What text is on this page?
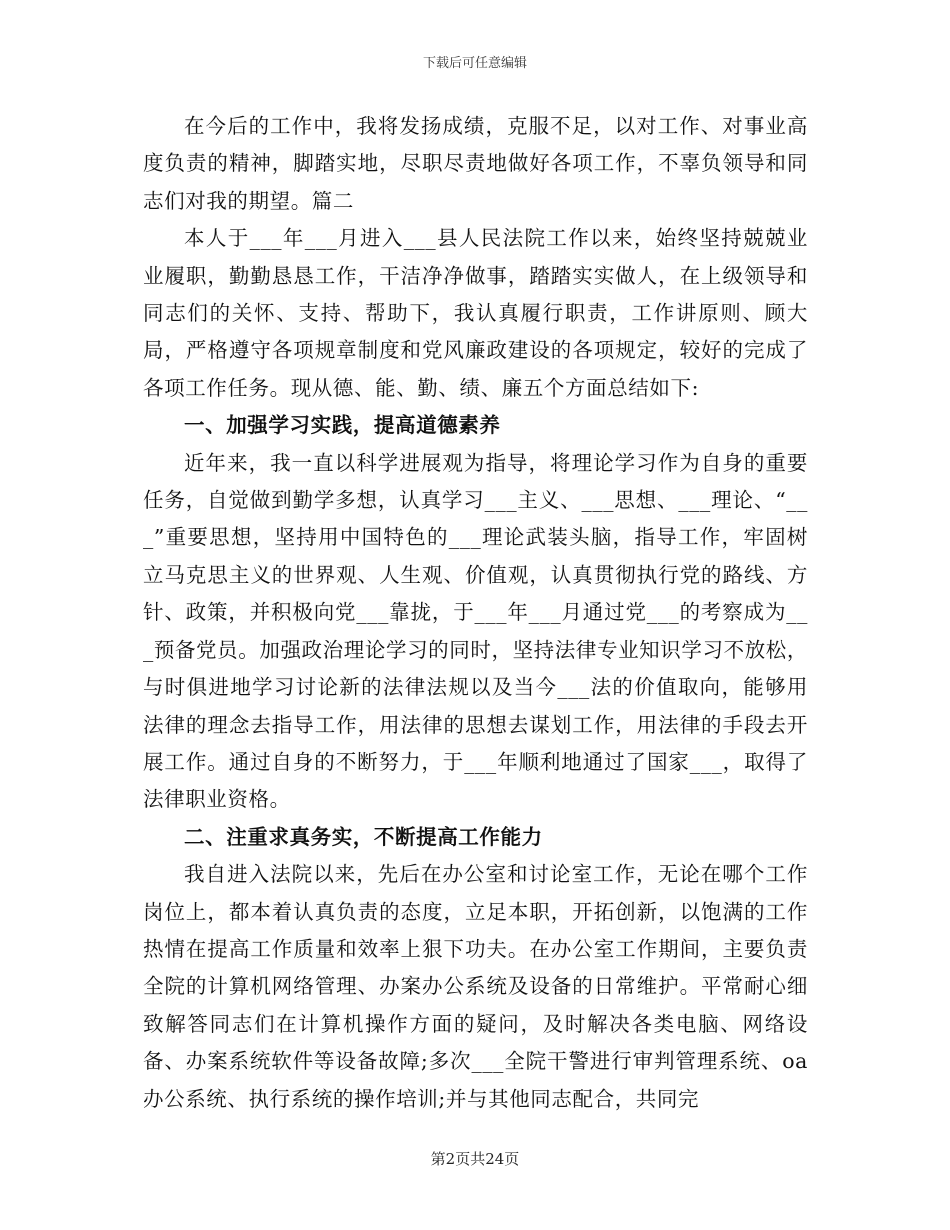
下载后可任意编辑

在今后的工作中，我将发扬成绩，克服不足，以对工作、对事业高度负责的精神，脚踏实地，尽职尽责地做好各项工作，不辜负领导和同志们对我的期望。篇二

本人于___年___月进入___县人民法院工作以来，始终坚持兢兢业业履职，勤勤恳恳工作，干洁净净做事，踏踏实实做人，在上级领导和同志们的关怀、支持、帮助下，我认真履行职责，工作讲原则、顾大局，严格遵守各项规章制度和党风廉政建设的各项规定，较好的完成了各项工作任务。现从德、能、勤、绩、廉五个方面总结如下:

一、加强学习实践，提高道德素养

近年来，我一直以科学进展观为指导，将理论学习作为自身的重要任务，自觉做到勤学多想，认真学习___主义、___思想、___理论、“___”重要思想，坚持用中国特色的___理论武装头脑，指导工作，牢固树立马克思主义的世界观、人生观、价值观，认真贯彻执行党的路线、方针、政策，并积极向党___靠拢，于___年___月通过党___的考察成为___预备党员。加强政治理论学习的同时，坚持法律专业知识学习不放松，与时俱进地学习讨论新的法律法规以及当今___法的价值取向，能够用法律的理念去指导工作，用法律的思想去谋划工作，用法律的手段去开展工作。通过自身的不断努力，于___年顺利地通过了国家___，取得了法律职业资格。

二、注重求真务实，不断提高工作能力

我自进入法院以来，先后在办公室和讨论室工作，无论在哪个工作岗位上，都本着认真负责的态度，立足本职，开拓创新，以饱满的工作热情在提高工作质量和效率上狠下功夫。在办公室工作期间，主要负责全院的计算机网络管理、办案办公系统及设备的日常维护。平常耐心细致解答同志们在计算机操作方面的疑问，及时解决各类电脑、网络设备、办案系统软件等设备故障;多次___全院干警进行审判管理系统、oa办公系统、执行系统的操作培训;并与其他同志配合，共同完

第2页共24页
